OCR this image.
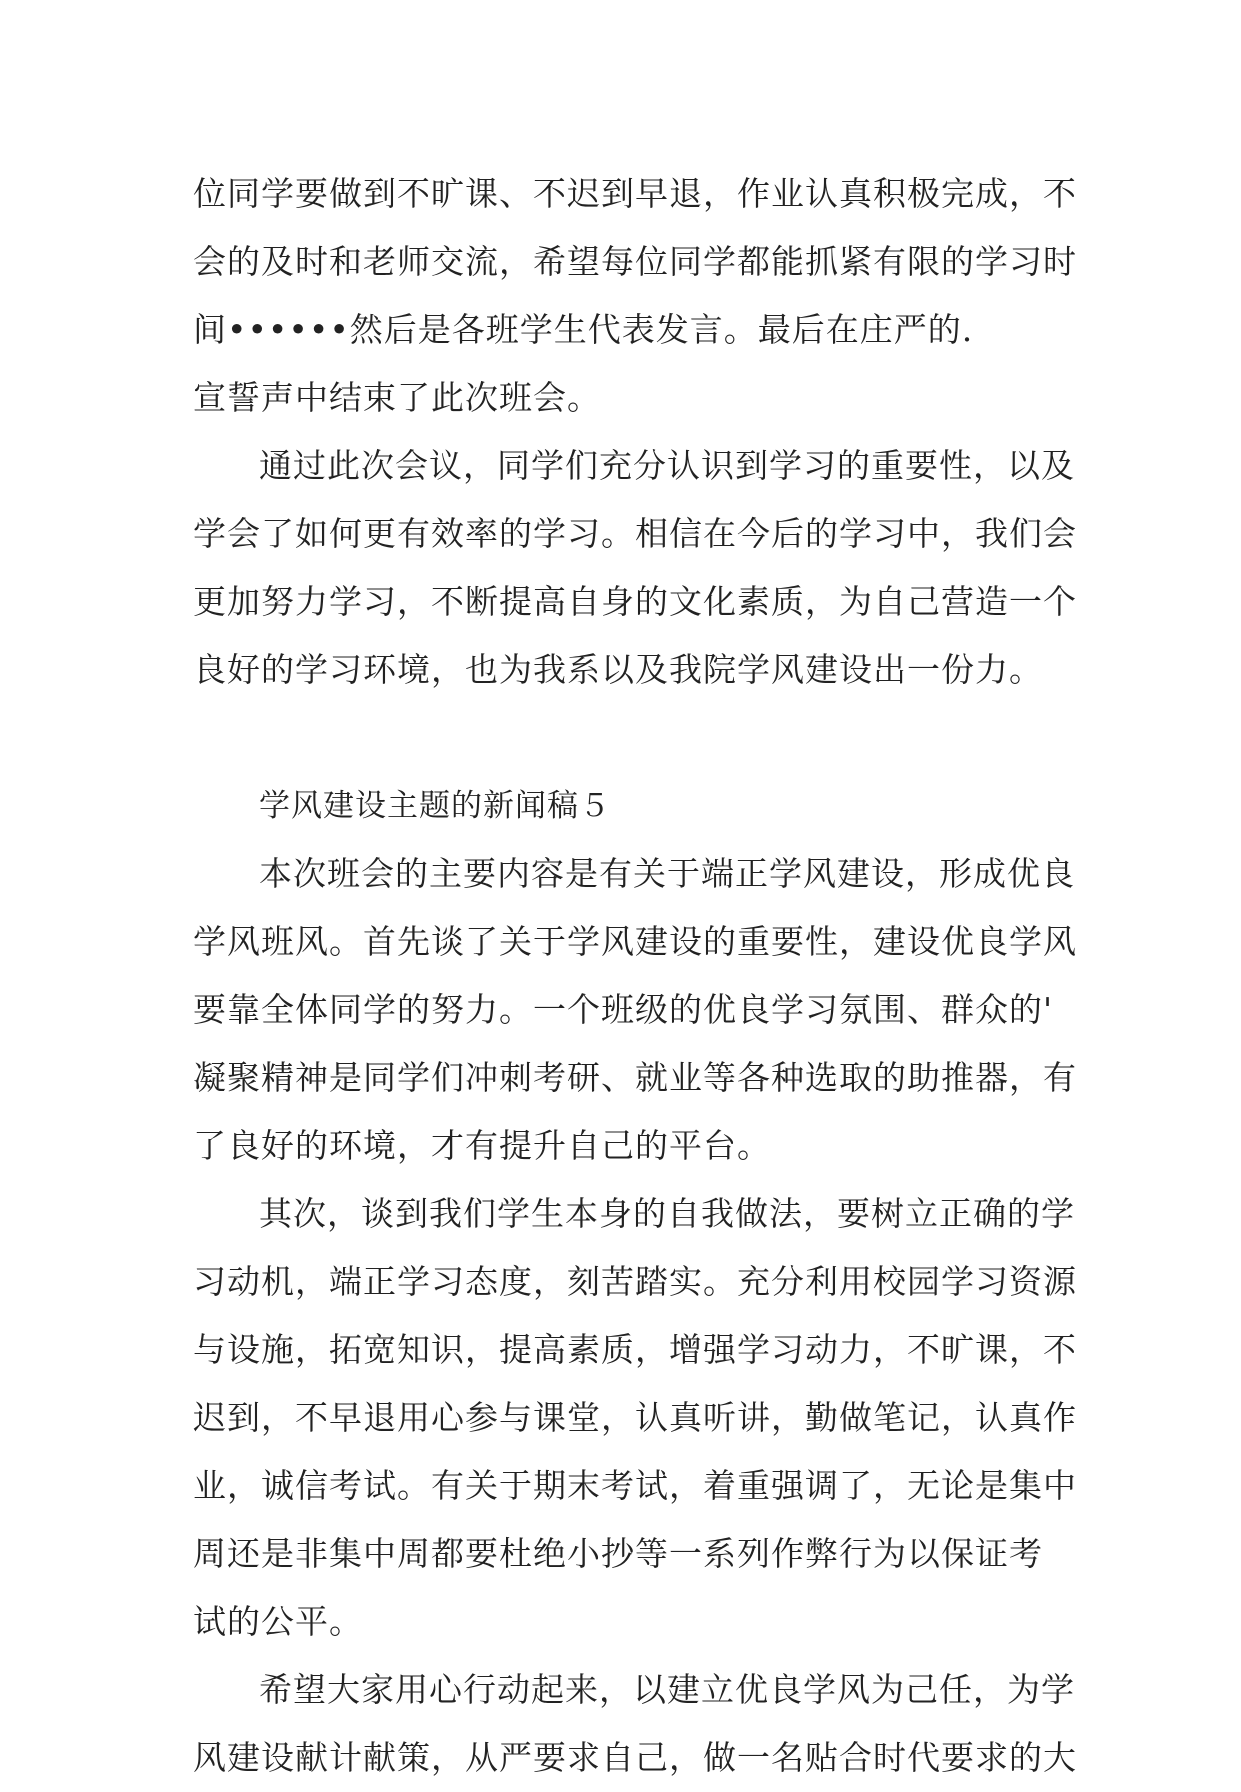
位同学要做到不旷课、不迟到早退，作业认真积极完成，不
会的及时和老师交流，希望每位同学都能抓紧有限的学习时
间••••••然后是各班学生代表发言。最后在庄严的.
宣誓声中结束了此次班会。
通过此次会议，同学们充分认识到学习的重要性，以及
学会了如何更有效率的学习。相信在今后的学习中，我们会
更加努力学习，不断提高自身的文化素质，为自己营造一个
良好的学习环境，也为我系以及我院学风建设出一份力。
学风建设主题的新闻稿５
本次班会的主要内容是有关于端正学风建设，形成优良
学风班风。首先谈了关于学风建设的重要性，建设优良学风
要靠全体同学的努力。一个班级的优良学习氛围、群众的'
凝聚精神是同学们冲刺考研、就业等各种选取的助推器，有
了良好的环境，才有提升自己的平台。
其次，谈到我们学生本身的自我做法，要树立正确的学
习动机，端正学习态度，刻苦踏实。充分利用校园学习资源
与设施，拓宽知识，提高素质，增强学习动力，不旷课，不
迟到，不早退用心参与课堂，认真听讲，勤做笔记，认真作
业，诚信考试。有关于期末考试，着重强调了，无论是集中
周还是非集中周都要杜绝小抄等一系列作弊行为以保证考
试的公平。
希望大家用心行动起来，以建立优良学风为己任，为学
风建设献计献策，从严要求自己，做一名贴合时代要求的大
